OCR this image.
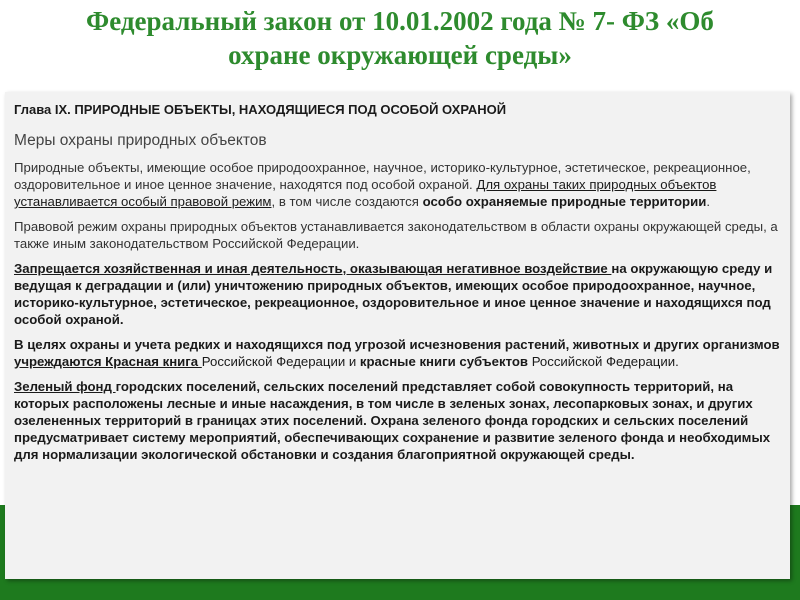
Федеральный закон от 10.01.2002 года № 7- ФЗ «Об
охране окружающей среды»
Глава IX. ПРИРОДНЫЕ ОБЪЕКТЫ, НАХОДЯЩИЕСЯ ПОД ОСОБОЙ ОХРАНОЙ
Меры охраны природных объектов

Природные объекты, имеющие особое природоохранное, научное, историко-культурное, эстетическое, рекреационное, оздоровительное и иное ценное значение, находятся под особой охраной. Для охраны таких природных объектов устанавливается особый правовой режим, в том числе создаются особо охраняемые природные территории.

Правовой режим охраны природных объектов устанавливается законодательством в области охраны окружающей среды, а также иным законодательством Российской Федерации.

Запрещается хозяйственная и иная деятельность, оказывающая негативное воздействие на окружающую среду и ведущая к деградации и (или) уничтожению природных объектов, имеющих особое природоохранное, научное, историко-культурное, эстетическое, рекреационное, оздоровительное и иное ценное значение и находящихся под особой охраной.

В целях охраны и учета редких и находящихся под угрозой исчезновения растений, животных и других организмов учреждаются Красная книга Российской Федерации и красные книги субъектов Российской Федерации.

Зеленый фонд городских поселений, сельских поселений представляет собой совокупность территорий, на которых расположены лесные и иные насаждения, в том числе в зеленых зонах, лесопарковых зонах, и других озелененных территорий в границах этих поселений. Охрана зеленого фонда городских и сельских поселений предусматривает систему мероприятий, обеспечивающих сохранение и развитие зеленого фонда и необходимых для нормализации экологической обстановки и создания благоприятной окружающей среды.
